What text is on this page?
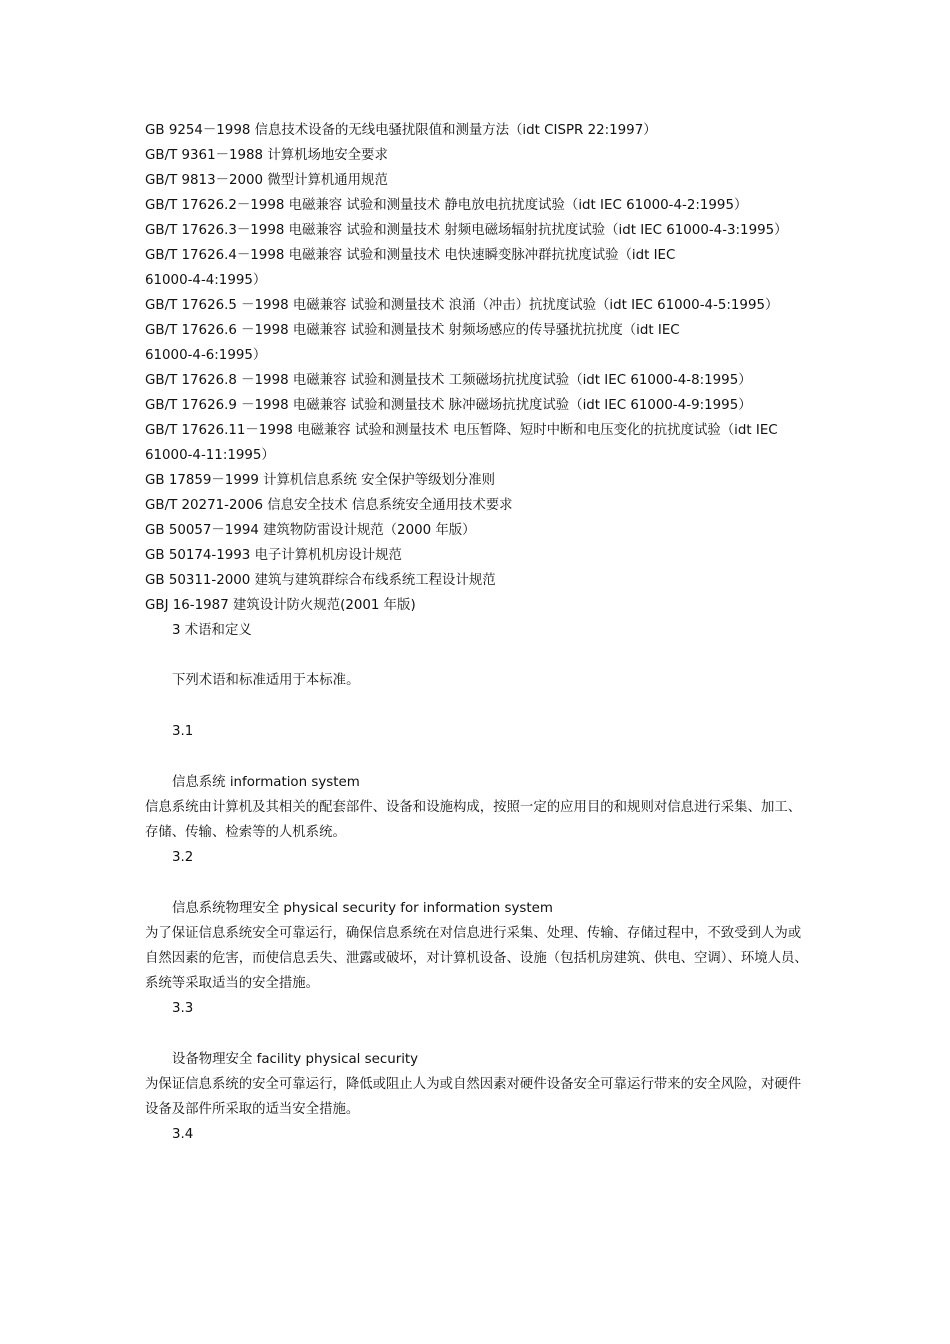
GB 9254－1998 信息技术设备的无线电骚扰限值和测量方法（idt CISPR 22:1997）
GB/T 9361－1988 计算机场地安全要求
GB/T 9813－2000 微型计算机通用规范
GB/T 17626.2－1998 电磁兼容 试验和测量技术 静电放电抗扰度试验（idt IEC 61000-4-2:1995）
GB/T 17626.3－1998 电磁兼容 试验和测量技术 射频电磁场辐射抗扰度试验（idt IEC 61000-4-3:1995）
GB/T 17626.4－1998 电磁兼容 试验和测量技术 电快速瞬变脉冲群抗扰度试验（idt IEC
61000-4-4:1995）
GB/T 17626.5 －1998 电磁兼容 试验和测量技术 浪涌（冲击）抗扰度试验（idt IEC 61000-4-5:1995）
GB/T 17626.6 －1998 电磁兼容 试验和测量技术 射频场感应的传导骚扰抗扰度（idt IEC
61000-4-6:1995）
GB/T 17626.8 －1998 电磁兼容 试验和测量技术 工频磁场抗扰度试验（idt IEC 61000-4-8:1995）
GB/T 17626.9 －1998 电磁兼容 试验和测量技术 脉冲磁场抗扰度试验（idt IEC 61000-4-9:1995）
GB/T 17626.11－1998 电磁兼容 试验和测量技术 电压暂降、短时中断和电压变化的抗扰度试验（idt IEC
61000-4-11:1995）
GB 17859－1999 计算机信息系统 安全保护等级划分准则
GB/T 20271-2006 信息安全技术 信息系统安全通用技术要求
GB 50057－1994 建筑物防雷设计规范（2000 年版）
GB 50174-1993 电子计算机机房设计规范
GB 50311-2000 建筑与建筑群综合布线系统工程设计规范
GBJ 16-1987 建筑设计防火规范(2001 年版)
3 术语和定义
下列术语和标准适用于本标准。
3.1
信息系统 information system
信息系统由计算机及其相关的配套部件、设备和设施构成，按照一定的应用目的和规则对信息进行采集、加工、存储、传输、检索等的人机系统。
3.2
信息系统物理安全 physical security for information system
为了保证信息系统安全可靠运行，确保信息系统在对信息进行采集、处理、传输、存储过程中，不致受到人为或自然因素的危害，而使信息丢失、泄露或破坏，对计算机设备、设施（包括机房建筑、供电、空调）、环境人员、系统等采取适当的安全措施。
3.3
设备物理安全 facility physical security
为保证信息系统的安全可靠运行，降低或阻止人为或自然因素对硬件设备安全可靠运行带来的安全风险，对硬件设备及部件所采取的适当安全措施。
3.4
